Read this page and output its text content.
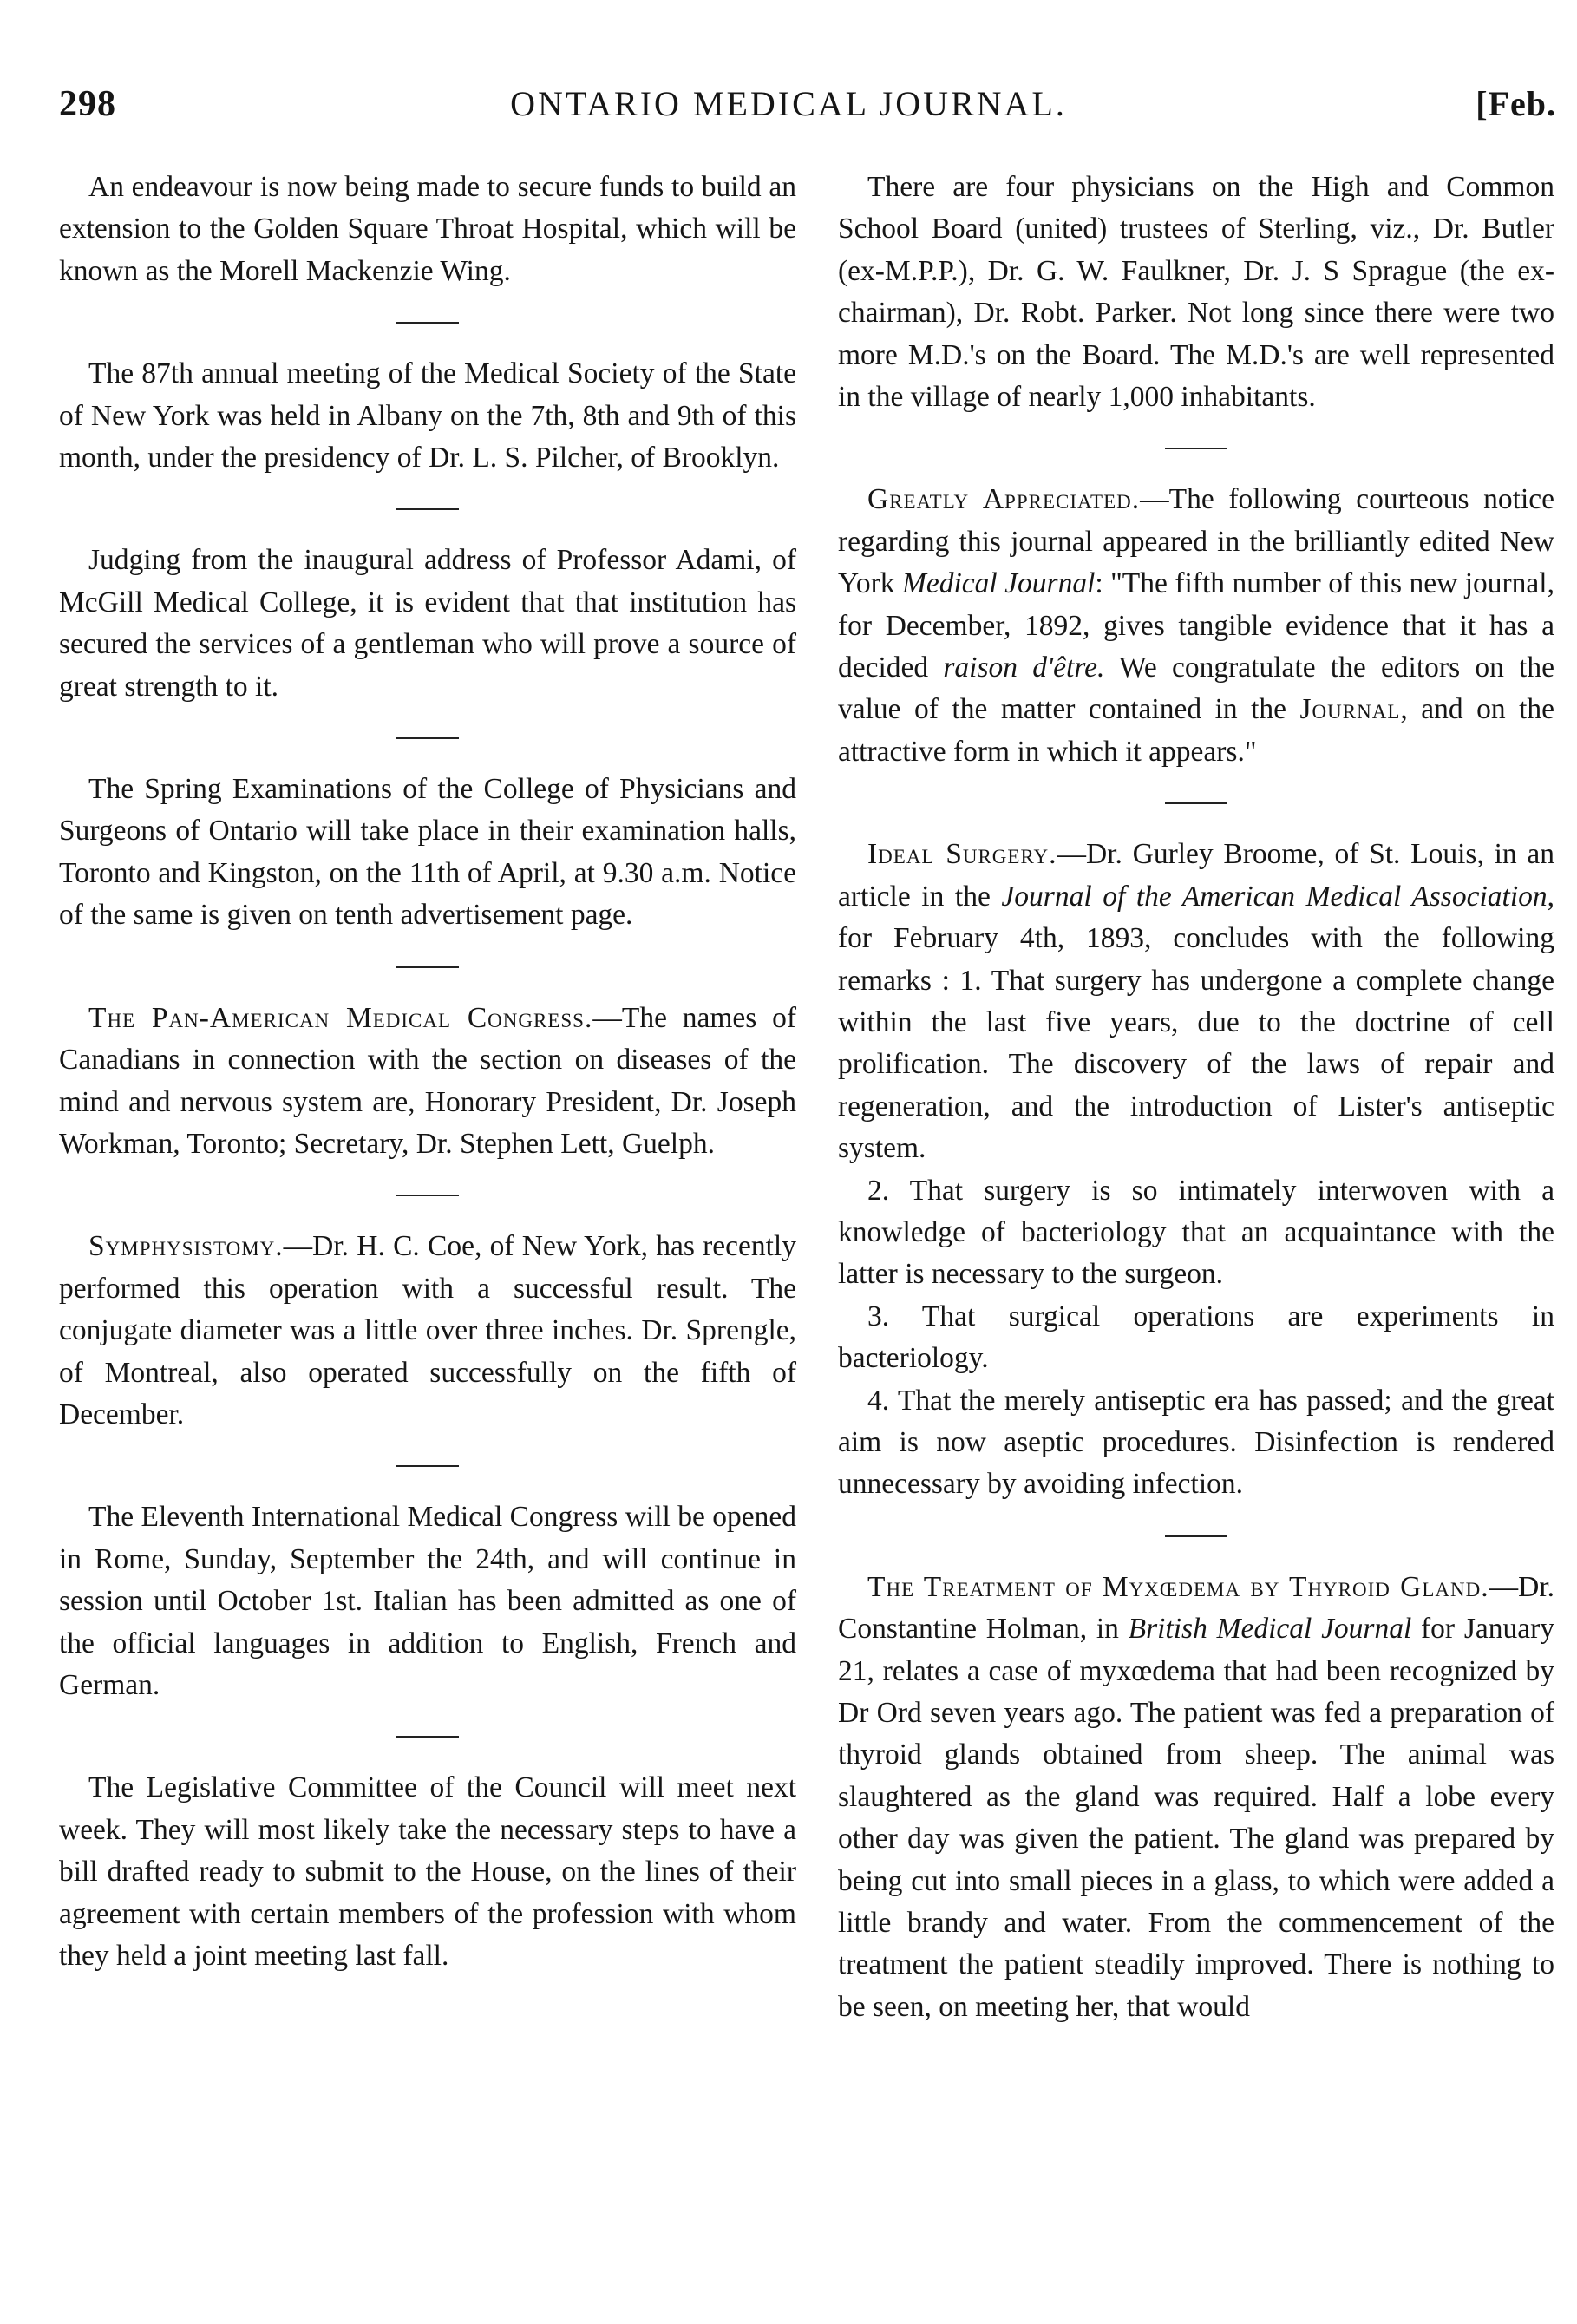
298	ONTARIO MEDICAL JOURNAL.	[Feb.

An endeavour is now being made to secure funds to build an extension to the Golden Square Throat Hospital, which will be known as the Morell Mackenzie Wing.

The 87th annual meeting of the Medical Society of the State of New York was held in Albany on the 7th, 8th and 9th of this month, under the presidency of Dr. L. S. Pilcher, of Brooklyn.

Judging from the inaugural address of Professor Adami, of McGill Medical College, it is evident that that institution has secured the services of a gentleman who will prove a source of great strength to it.

The Spring Examinations of the College of Physicians and Surgeons of Ontario will take place in their examination halls, Toronto and Kingston, on the 11th of April, at 9.30 a.m. Notice of the same is given on tenth advertisement page.

The Pan-American Medical Congress.—The names of Canadians in connection with the section on diseases of the mind and nervous system are, Honorary President, Dr. Joseph Workman, Toronto; Secretary, Dr. Stephen Lett, Guelph.

Symphysistomy.—Dr. H. C. Coe, of New York, has recently performed this operation with a successful result. The conjugate diameter was a little over three inches. Dr. Sprengle, of Montreal, also operated successfully on the fifth of December.

The Eleventh International Medical Congress will be opened in Rome, Sunday, September the 24th, and will continue in session until October 1st. Italian has been admitted as one of the official languages in addition to English, French and German.

The Legislative Committee of the Council will meet next week. They will most likely take the necessary steps to have a bill drafted ready to submit to the House, on the lines of their agreement with certain members of the profession with whom they held a joint meeting last fall.

There are four physicians on the High and Common School Board (united) trustees of Sterling, viz., Dr. Butler (ex-M.P.P.), Dr. G. W. Faulkner, Dr. J. S Sprague (the ex-chairman), Dr. Robt. Parker. Not long since there were two more M.D.'s on the Board. The M.D.'s are well represented in the village of nearly 1,000 inhabitants.

Greatly Appreciated.—The following courteous notice regarding this journal appeared in the brilliantly edited New York Medical Journal: "The fifth number of this new journal, for December, 1892, gives tangible evidence that it has a decided raison d'être. We congratulate the editors on the value of the matter contained in the Journal, and on the attractive form in which it appears."

Ideal Surgery.—Dr. Gurley Broome, of St. Louis, in an article in the Journal of the American Medical Association, for February 4th, 1893, concludes with the following remarks : 1. That surgery has undergone a complete change within the last five years, due to the doctrine of cell prolification. The discovery of the laws of repair and regeneration, and the introduction of Lister's antiseptic system.

2. That surgery is so intimately interwoven with a knowledge of bacteriology that an acquaintance with the latter is necessary to the surgeon.

3. That surgical operations are experiments in bacteriology.

4. That the merely antiseptic era has passed; and the great aim is now aseptic procedures. Disinfection is rendered unnecessary by avoiding infection.

The Treatment of Myxœdema by Thyroid Gland.—Dr. Constantine Holman, in British Medical Journal for January 21, relates a case of myxœdema that had been recognized by Dr Ord seven years ago. The patient was fed a preparation of thyroid glands obtained from sheep. The animal was slaughtered as the gland was required. Half a lobe every other day was given the patient. The gland was prepared by being cut into small pieces in a glass, to which were added a little brandy and water. From the commencement of the treatment the patient steadily improved. There is nothing to be seen, on meeting her, that would
